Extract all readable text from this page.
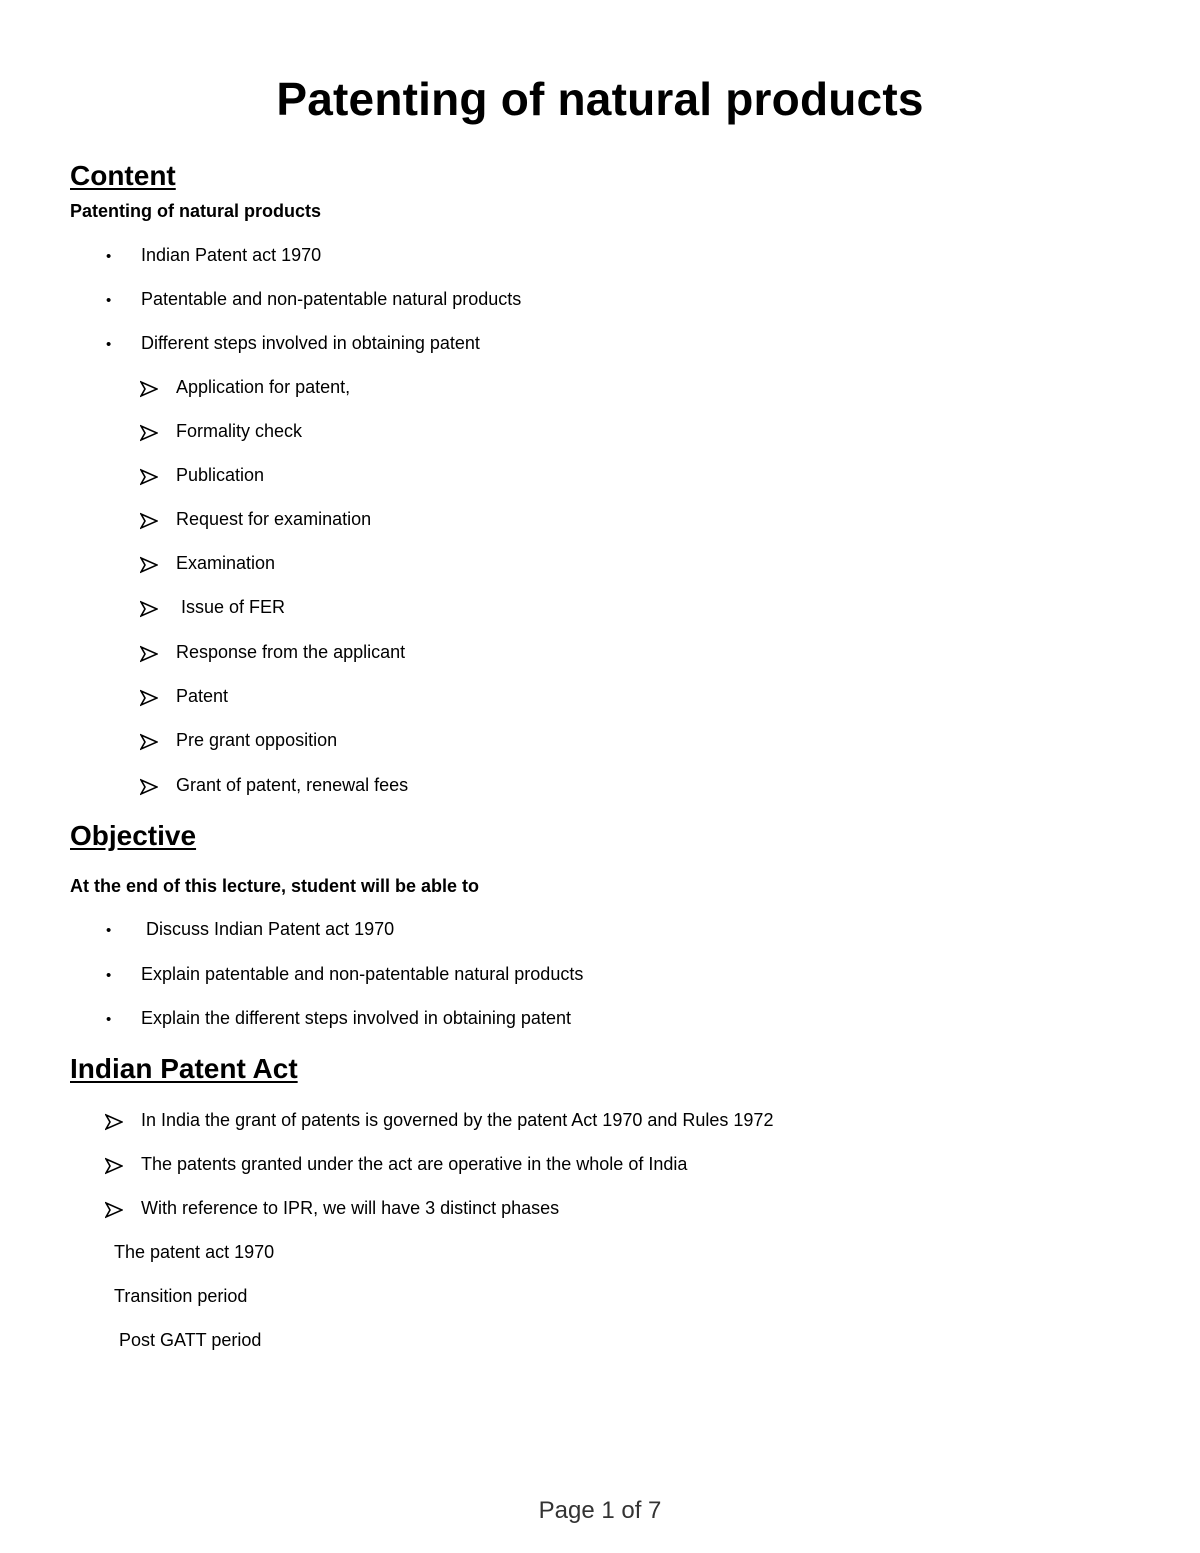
Patenting of natural products
Content
Patenting of natural products
• Indian Patent act 1970
• Patentable and non-patentable natural products
• Different steps involved in obtaining patent
Application for patent,
Formality check
Publication
Request for examination
Examination
Issue of FER
Response from the applicant
Patent
Pre grant opposition
Grant of patent, renewal fees
Objective
At the end of this lecture, student will be able to
• Discuss Indian Patent act 1970
• Explain patentable and non-patentable natural products
• Explain the different steps involved in obtaining patent
Indian Patent Act
In India the grant of patents is governed by the patent Act 1970 and Rules 1972
The patents granted under the act are operative in the whole of India
With reference to IPR, we will have 3 distinct phases
The patent act 1970
Transition period
Post GATT period
Page 1 of 7
